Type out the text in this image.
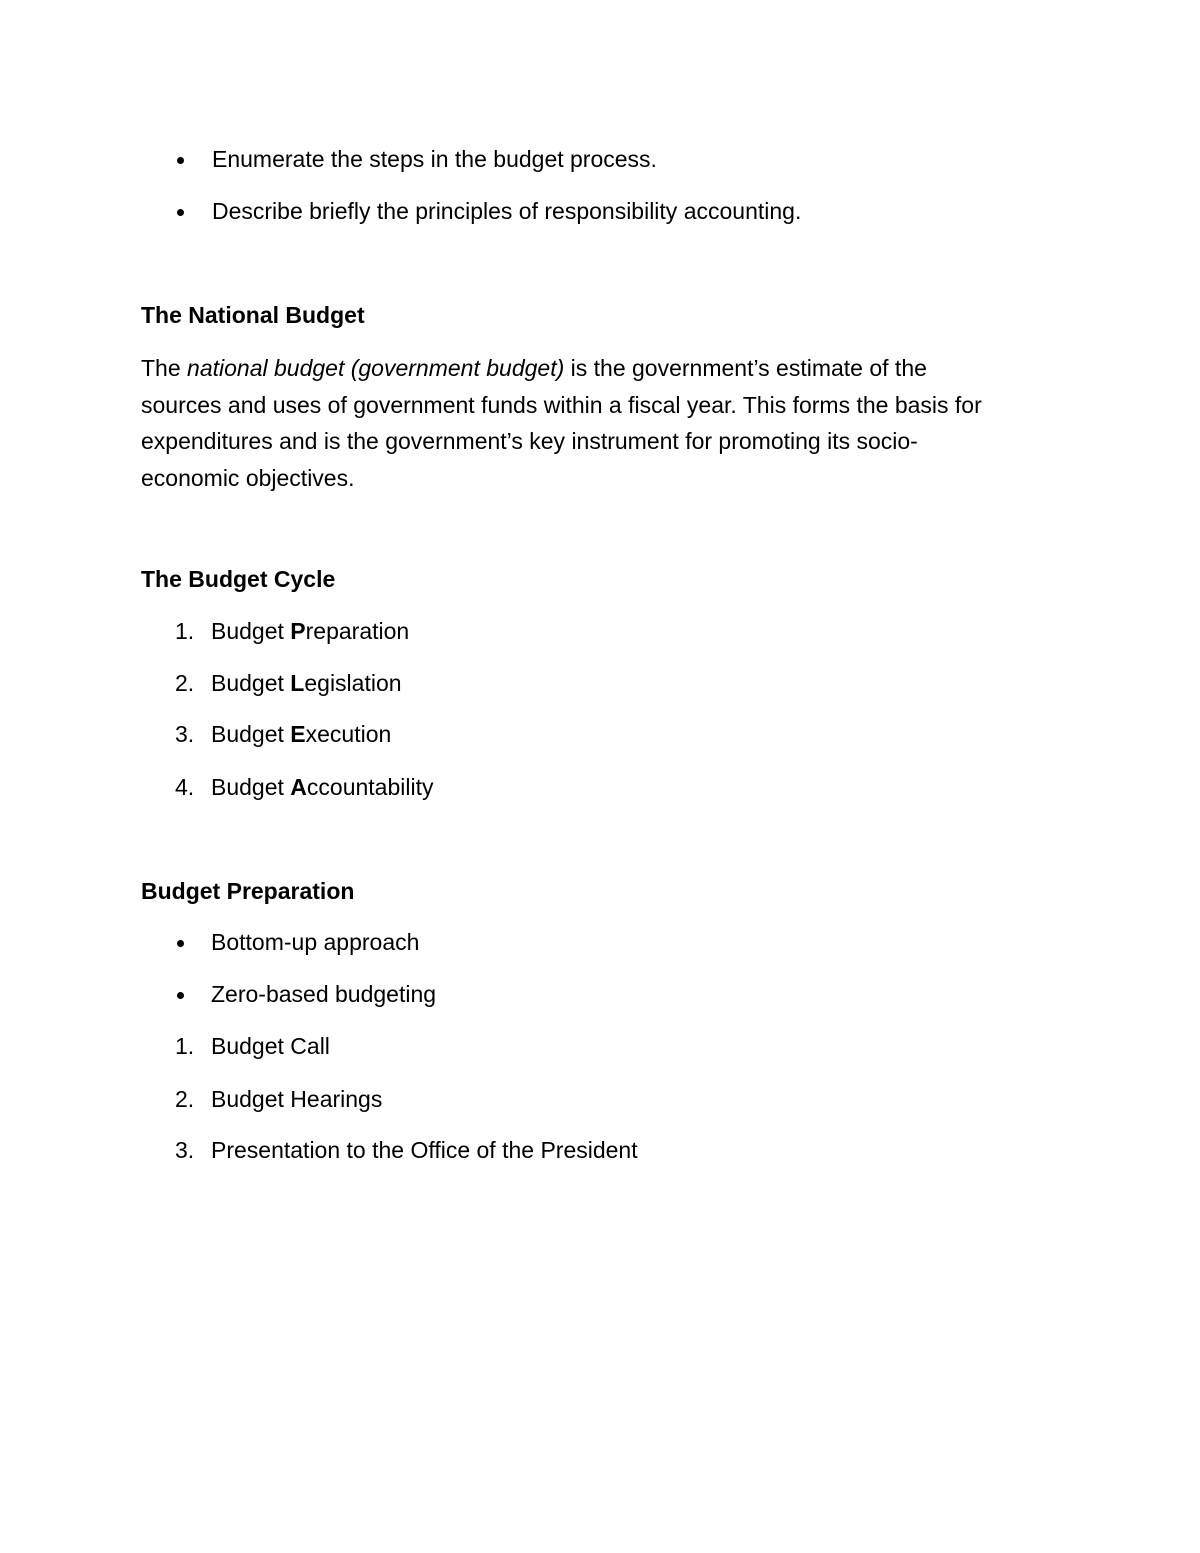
Enumerate the steps in the budget process.
Describe briefly the principles of responsibility accounting.
The National Budget
The national budget (government budget) is the government’s estimate of the
sources and uses of government funds within a fiscal year. This forms the basis for
expenditures and is the government’s key instrument for promoting its socio-
economic objectives.
The Budget Cycle
1. Budget Preparation
2. Budget Legislation
3. Budget Execution
4. Budget Accountability
Budget Preparation
Bottom-up approach
Zero-based budgeting
1. Budget Call
2. Budget Hearings
3. Presentation to the Office of the President
